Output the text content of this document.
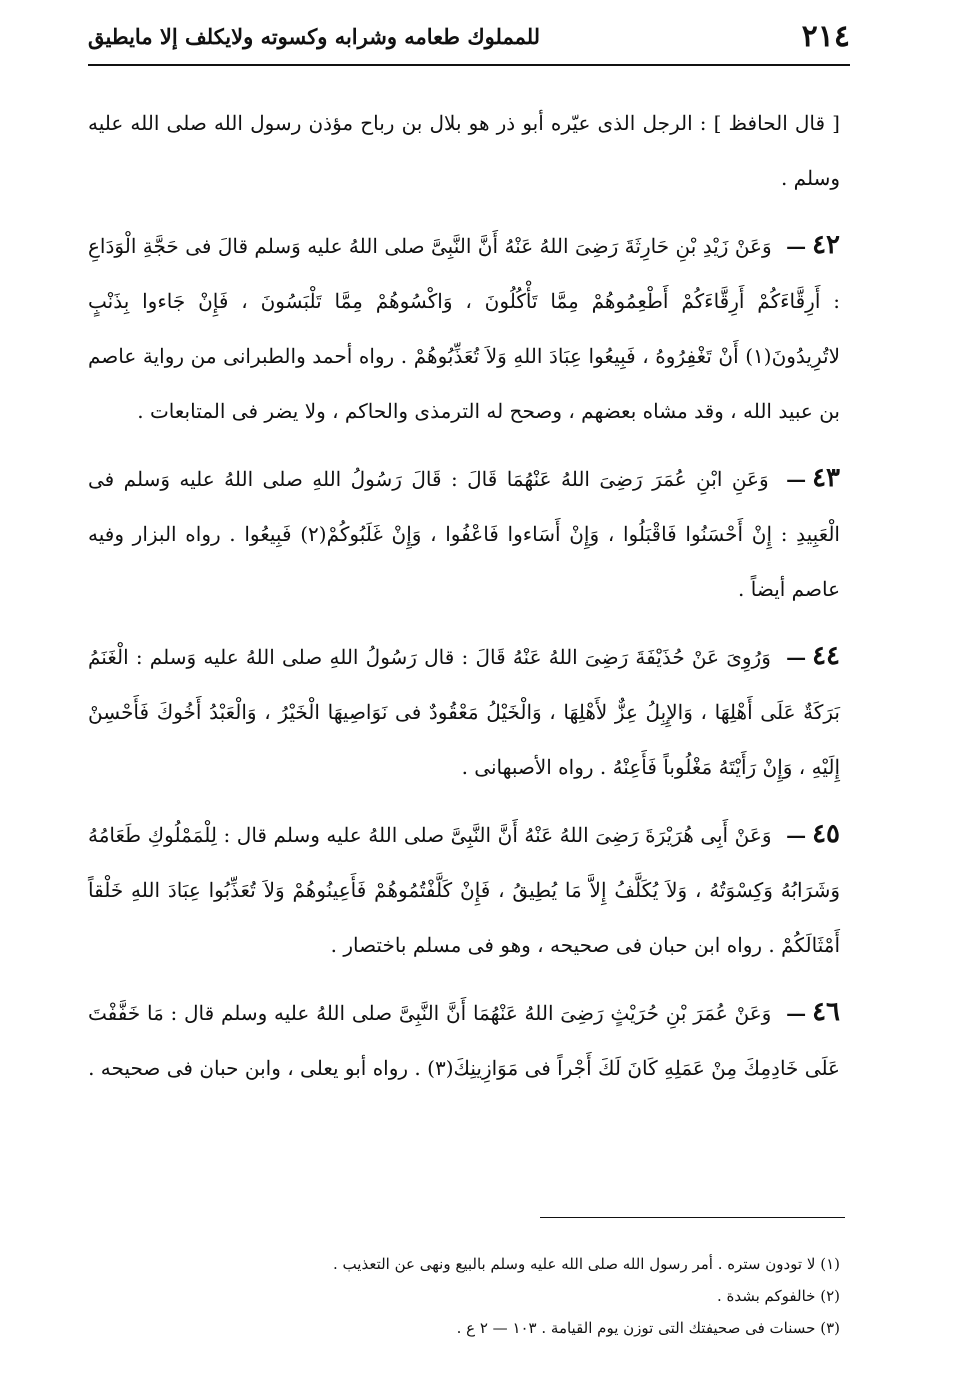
٢١٤
للمملوك طعامه وشرابه وكسوته ولايكلف إلا مايطيق

[ قال الحافظ ] : الرجل الذى عيّره أبو ذر هو بلال بن رباح مؤذن رسول الله صلى الله عليه وسلم .

٤٢— وَعَنْ زَيْدِ بْنِ حَارِثَةَ رَضِىَ اللهُ عَنْهُ أَنَّ النَّبِىَّ صلى اللهُ عليه وَسلم قالَ فى حَجَّةِ الْوَدَاعِ : أَرِقَّاءَكُمْ أَرِقَّاءَكُمْ أَطْعِمُوهُمْ مِمَّا تَأْكُلُونَ ، وَاكْسُوهُمْ مِمَّا تَلْبَسُونَ ، فَإِنْ جَاءوا بِذَنْبٍ لاتُرِيدُونَ(١) أَنْ تَغْفِرُوهُ ، فَبِيعُوا عِبَادَ اللهِ وَلاَ تُعَذِّبُوهُمْ . رواه أحمد والطبرانى من رواية عاصم بن عبيد الله ، وقد مشاه بعضهم ، وصحح له الترمذى والحاكم ، ولا يضر فى المتابعات .

٤٣— وَعَنِ ابْنِ عُمَرَ رَضِىَ اللهُ عَنْهُمَا قَالَ : قَالَ رَسُولُ اللهِ صلى اللهُ عليه وَسلم فى الْعَبِيدِ : إِنْ أَحْسَنُوا فَاقْبَلُوا ، وَإِنْ أَسَاءوا فَاعْفُوا ، وَإِنْ غَلَبُوكُمْ(٢) فَبِيعُوا . رواه البزار وفيه عاصم أيضاً .

٤٤— وَرُوِىَ عَنْ حُذَيْفَةَ رَضِىَ اللهُ عَنْهُ قَالَ : قال رَسُولُ اللهِ صلى اللهُ عليه وَسلم : الْغَنَمُ بَرَكَةٌ عَلَى أَهْلِهَا ، وَالإِبِلُ عِزٌّ لأَهْلِهَا ، وَالْخَيْلُ مَعْقُودٌ فى نَوَاصِيهَا الْخَيْرُ ، وَالْعَبْدُ أَخُوكَ فَأَحْسِنْ إِلَيْهِ ، وَإِنْ رَأَيْتَهُ مَغْلُوباً فَأَعِنْهُ . رواه الأصبهانى .

٤٥— وَعَنْ أَبِى هُرَيْرَةَ رَضِىَ اللهُ عَنْهُ أَنَّ النَّبِىَّ صلى اللهُ عليه وسلم قال : لِلْمَمْلُوكِ طَعَامُهُ وَشَرَابُهُ وَكِسْوَتُهُ ، وَلاَ يُكَلَّفُ إِلاَّ مَا يُطِيقُ ، فَإِنْ كَلَّفْتُمُوهُمْ فَأَعِينُوهُمْ وَلاَ تُعَذِّبُوا عِبَادَ اللهِ خَلْقاً أَمْثَالَكُمْ . رواه ابن حبان فى صحيحه ، وهو فى مسلم باختصار .

٤٦— وَعَنْ عُمَرَ بْنِ حُرَيْثٍ رَضِىَ اللهُ عَنْهُمَا أَنَّ النَّبِىَّ صلى اللهُ عليه وسلم قال : مَا خَفَّفْتَ عَلَى خَادِمِكَ مِنْ عَمَلِهِ كَانَ لَكَ أَجْراً فى مَوَازِينِكَ(٣) . رواه أبو يعلى ، وابن حبان فى صحيحه .

(١) لا تودون ستره . أمر رسول الله صلى الله عليه وسلم بالبيع ونهى عن التعذيب .

(٢) خالفوكم بشدة .

(٣) حسنات فى صحيفتك التى توزن يوم القيامة . ١٠٣ — ٢ ع .
